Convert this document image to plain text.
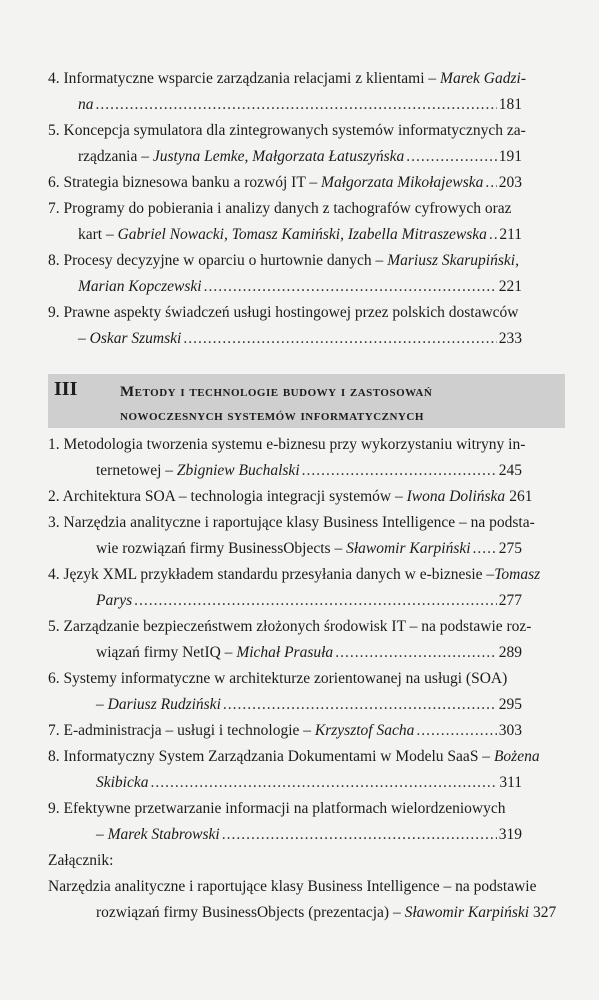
4. Informatyczne wsparcie zarządzania relacjami z klientami – Marek Gadzi-
na .....	181
5. Koncepcja symulatora dla zintegrowanych systemów informatycznych za-
rządzania – Justyna Lemke, Małgorzata Łatuszyńska .....	191
6. Strategia biznesowa banku a rozwój IT – Małgorzata Mikołajewska ..... 203
7. Programy do pobierania i analizy danych z tachografów cyfrowych oraz
kart – Gabriel Nowacki, Tomasz Kamiński, Izabella Mitraszewska ..... 211
8. Procesy decyzyjne w oparciu o hurtownie danych – Mariusz Skarupiński,
Marian Kopczewski .....	221
9. Prawne aspekty świadczeń usługi hostingowej przez polskich dostawców
– Oskar Szumski .....	233
III	Metody i technologie budowy i zastosowań
nowoczesnych systemów informatycznych
1. Metodologia tworzenia systemu e-biznesu przy wykorzystaniu witryny in-
ternetowej – Zbigniew Buchalski .....	245
2. Architektura SOA – technologia integracji systemów – Iwona Dolińska 261
3. Narzędzia analityczne i raportujące klasy Business Intelligence – na podsta-
wie rozwiązań firmy BusinessObjects – Sławomir Karpiński ..... 275
4. Język XML przykładem standardu przesyłania danych w e-biznesie –Tomasz
Parys .....	277
5. Zarządzanie bezpieczeństwem złożonych środowisk IT – na podstawie roz-
wiązań firmy NetIQ – Michał Prasuła .....	289
6. Systemy informatyczne w architekturze zorientowanej na usługi (SOA)
– Dariusz Rudziński .....	295
7. E-administracja – usługi i technologie – Krzysztof Sacha .....	303
8. Informatyczny System Zarządzania Dokumentami w Modelu SaaS – Bożena
Skibicka .....	311
9. Efektywne przetwarzanie informacji na platformach wielordzeniowych
– Marek Stabrowski .....	319
Załącznik:
Narzędzia analityczne i raportujące klasy Business Intelligence – na podstawie
rozwiązań firmy BusinessObjects (prezentacja) – Sławomir Karpiński 327
